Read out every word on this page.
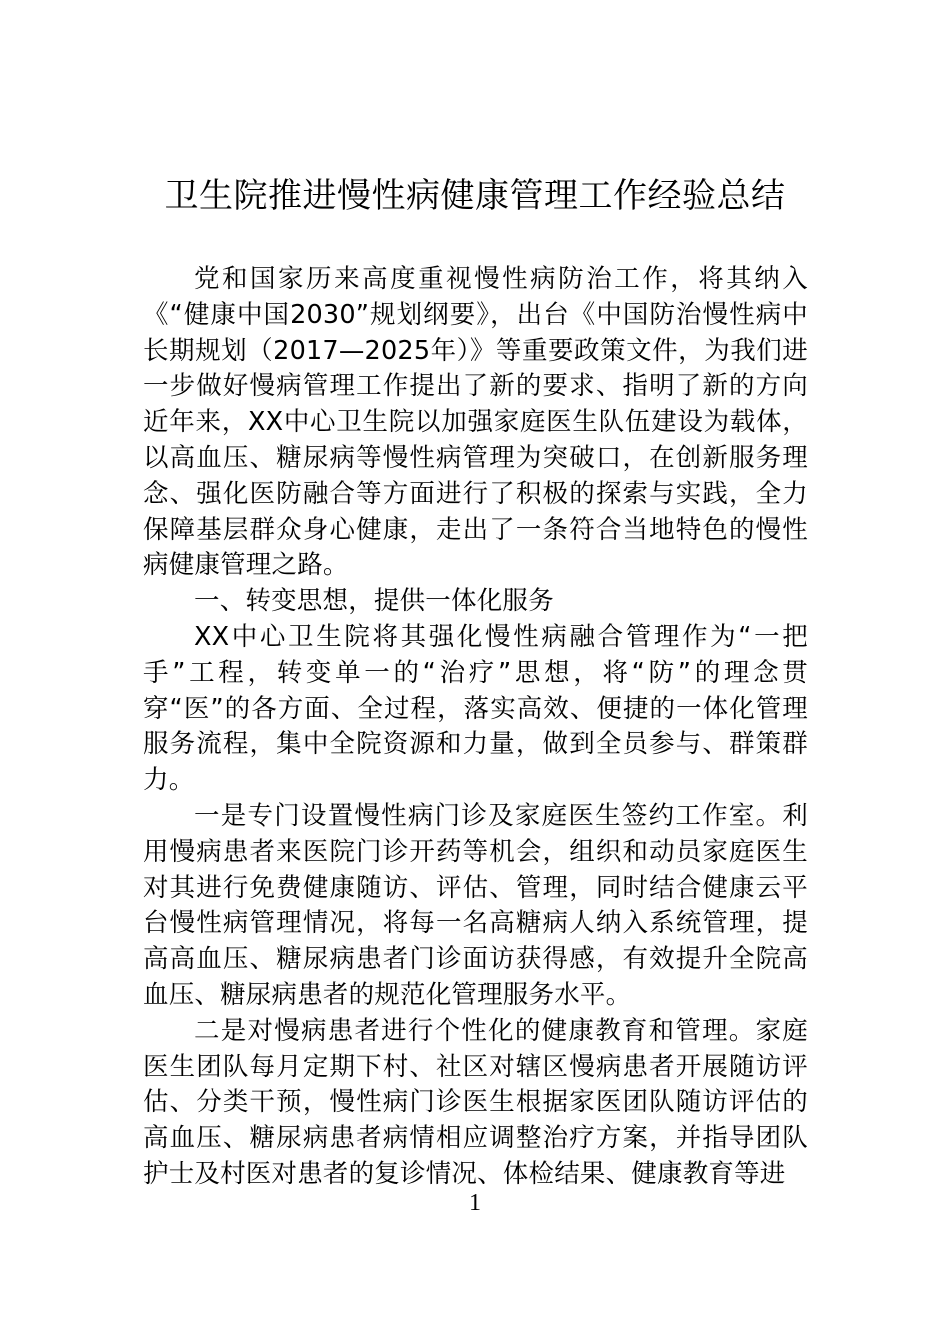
卫生院推进慢性病健康管理工作经验总结

党和国家历来高度重视慢性病防治工作，将其纳入《“健康中国2030”规划纲要》，出台《中国防治慢性病中长期规划（2017—2025年）》等重要政策文件，为我们进一步做好慢病管理工作提出了新的要求、指明了新的方向近年来，XX中心卫生院以加强家庭医生队伍建设为载体，以高血压、糖尿病等慢性病管理为突破口，在创新服务理念、强化医防融合等方面进行了积极的探索与实践，全力保障基层群众身心健康，走出了一条符合当地特色的慢性病健康管理之路。

一、转变思想，提供一体化服务

XX中心卫生院将其强化慢性病融合管理作为“一把手”工程，转变单一的“治疗”思想，将“防”的理念贯穿“医”的各方面、全过程，落实高效、便捷的一体化管理服务流程，集中全院资源和力量，做到全员参与、群策群力。

一是专门设置慢性病门诊及家庭医生签约工作室。利用慢病患者来医院门诊开药等机会，组织和动员家庭医生对其进行免费健康随访、评估、管理，同时结合健康云平台慢性病管理情况，将每一名高糖病人纳入系统管理，提高高血压、糖尿病患者门诊面访获得感，有效提升全院高血压、糖尿病患者的规范化管理服务水平。

二是对慢病患者进行个性化的健康教育和管理。家庭医生团队每月定期下村、社区对辖区慢病患者开展随访评估、分类干预，慢性病门诊医生根据家医团队随访评估的高血压、糖尿病患者病情相应调整治疗方案，并指导团队护士及村医对患者的复诊情况、体检结果、健康教育等进

1
